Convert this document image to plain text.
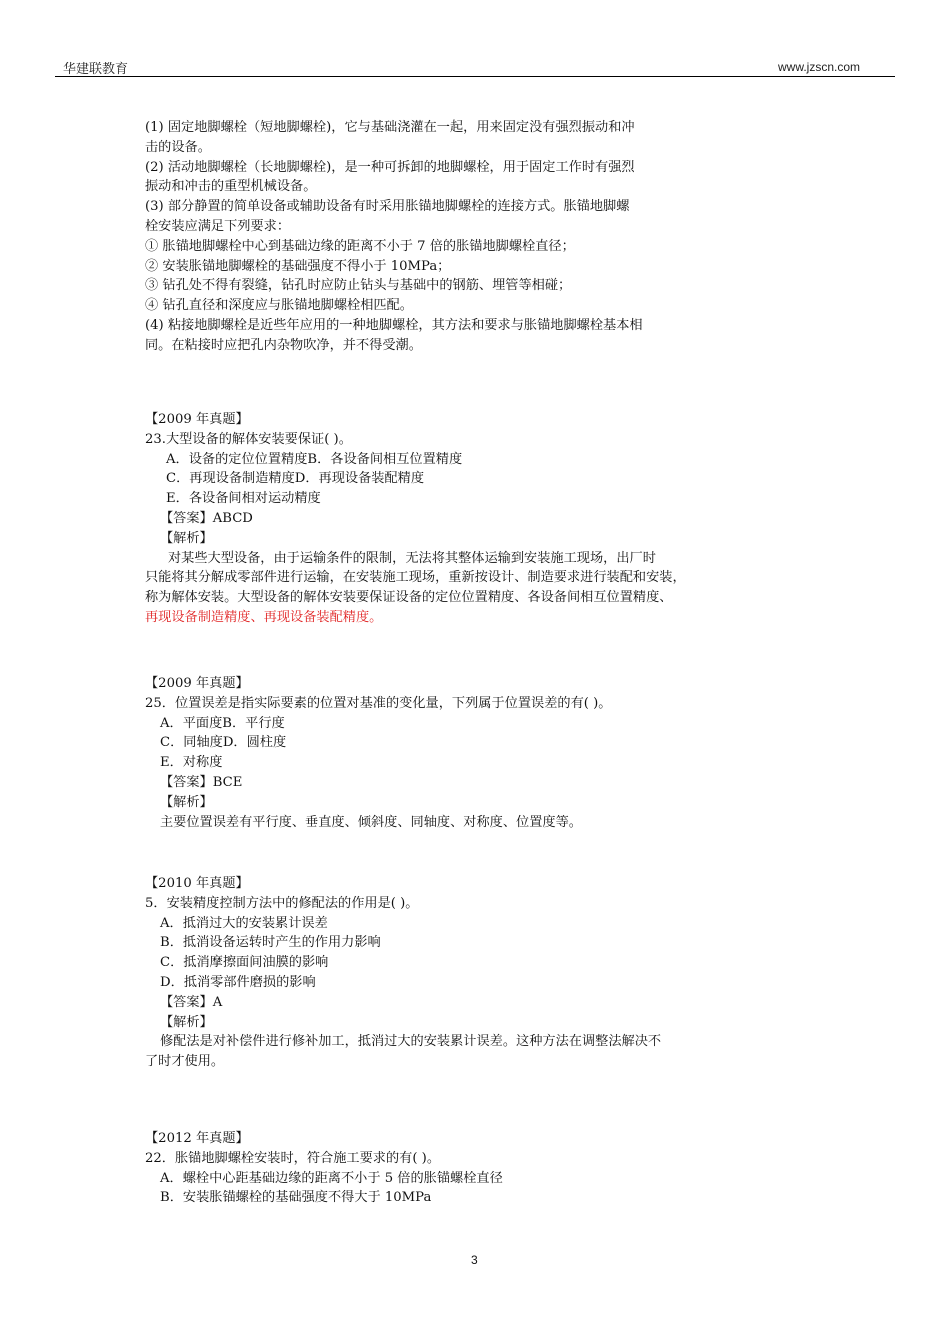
华建联教育	www.jzscn.com
(1) 固定地脚螺栓（短地脚螺栓)，它与基础浇灌在一起，用来固定没有强烈振动和冲
击的设备。
(2) 活动地脚螺栓（长地脚螺栓)，是一种可拆卸的地脚螺栓，用于固定工作时有强烈
振动和冲击的重型机械设备。
(3) 部分静置的简单设备或辅助设备有时采用胀锚地脚螺栓的连接方式。胀锚地脚螺
栓安装应满足下列要求：
① 胀锚地脚螺栓中心到基础边缘的距离不小于 7 倍的胀锚地脚螺栓直径；
② 安装胀锚地脚螺栓的基础强度不得小于 10MPa；
③ 钻孔处不得有裂缝，钻孔时应防止钻头与基础中的钢筋、埋管等相碰；
④ 钻孔直径和深度应与胀锚地脚螺栓相匹配。
(4) 粘接地脚螺栓是近些年应用的一种地脚螺栓，其方法和要求与胀锚地脚螺栓基本相
同。在粘接时应把孔内杂物吹净，并不得受潮。
【2009 年真题】
23.大型设备的解体安装要保证( )。
A．设备的定位位置精度B．各设备间相互位置精度
C．再现设备制造精度D．再现设备装配精度
E．各设备间相对运动精度
【答案】ABCD
【解析】
对某些大型设备，由于运输条件的限制，无法将其整体运输到安装施工现场，出厂时
只能将其分解成零部件进行运输，在安装施工现场，重新按设计、制造要求进行装配和安装，
称为解体安装。大型设备的解体安装要保证设备的定位位置精度、各设备间相互位置精度、
再现设备制造精度、再现设备装配精度。
【2009 年真题】
25．位置误差是指实际要素的位置对基准的变化量，下列属于位置误差的有( )。
A．平面度B．平行度
C．同轴度D．圆柱度
E．对称度
【答案】BCE
【解析】
主要位置误差有平行度、垂直度、倾斜度、同轴度、对称度、位置度等。
【2010 年真题】
5．安装精度控制方法中的修配法的作用是( )。
A．抵消过大的安装累计误差
B．抵消设备运转时产生的作用力影响
C．抵消摩擦面间油膜的影响
D．抵消零部件磨损的影响
【答案】A
【解析】
修配法是对补偿件进行修补加工，抵消过大的安装累计误差。这种方法在调整法解决不
了时才使用。
【2012 年真题】
22．胀锚地脚螺栓安装时，符合施工要求的有( )。
A．螺栓中心距基础边缘的距离不小于 5 倍的胀锚螺栓直径
B．安装胀锚螺栓的基础强度不得大于 10MPa
3
